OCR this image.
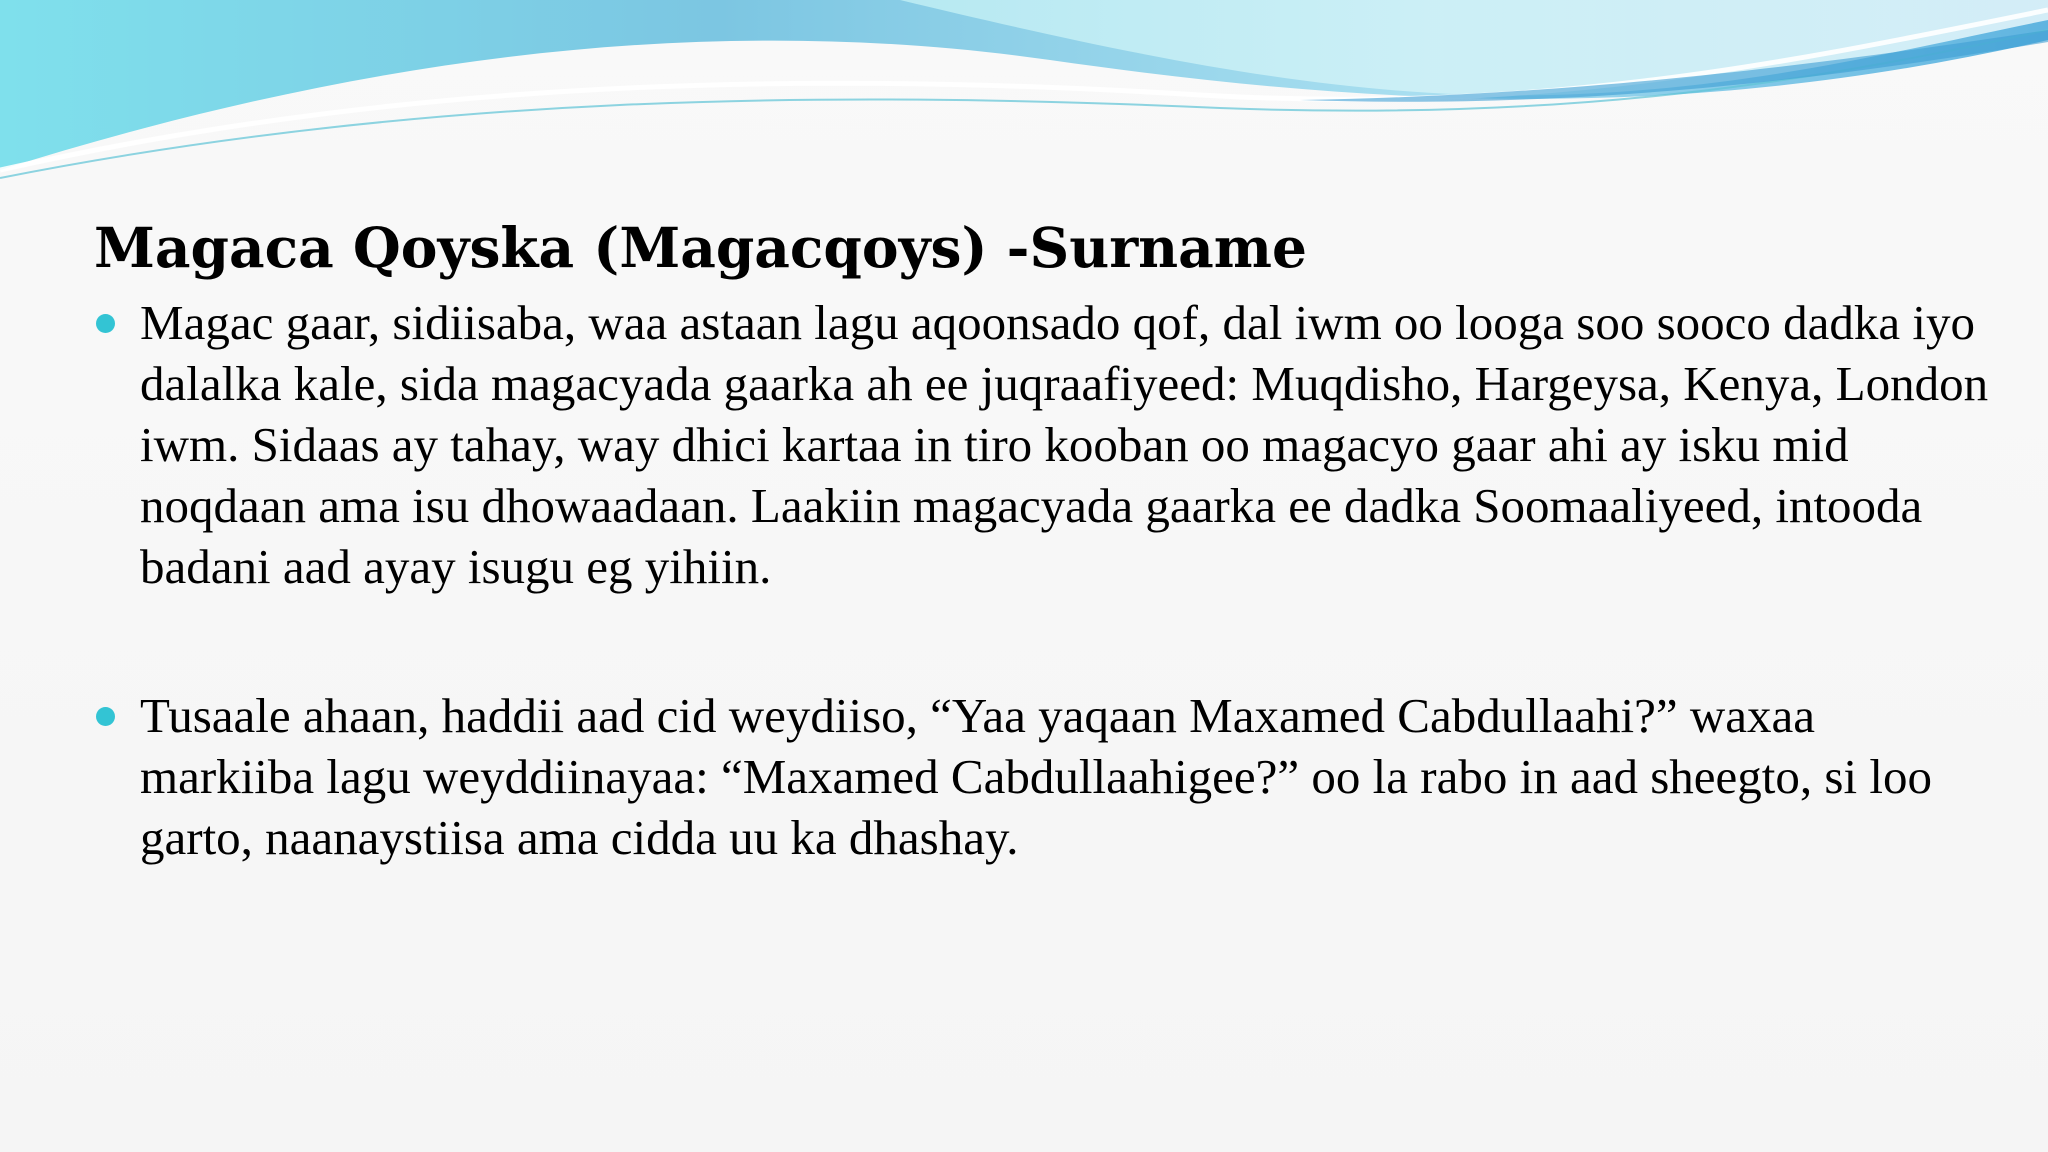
Magaca Qoyska (Magacqoys) -Surname
Magac gaar, sidiisaba, waa astaan lagu aqoonsado qof, dal iwm oo looga soo sooco dadka iyo dalalka kale, sida magacyada gaarka ah ee juqraafiyeed: Muqdisho, Hargeysa, Kenya, London iwm. Sidaas ay tahay, way dhici kartaa in tiro kooban oo magacyo gaar ahi ay isku mid noqdaan ama isu dhowaadaan. Laakiin magacyada gaarka ee dadka Soomaaliyeed, intooda badani aad ayay isugu eg yihiin.
Tusaale ahaan, haddii aad cid weydiiso, “Yaa yaqaan Maxamed Cabdullaahi?” waxaa markiiba lagu weyddiinayaa: “Maxamed Cabdullaahigee?” oo la rabo in aad sheegto, si loo garto, naanaystiisa ama cidda uu ka dhashay.
